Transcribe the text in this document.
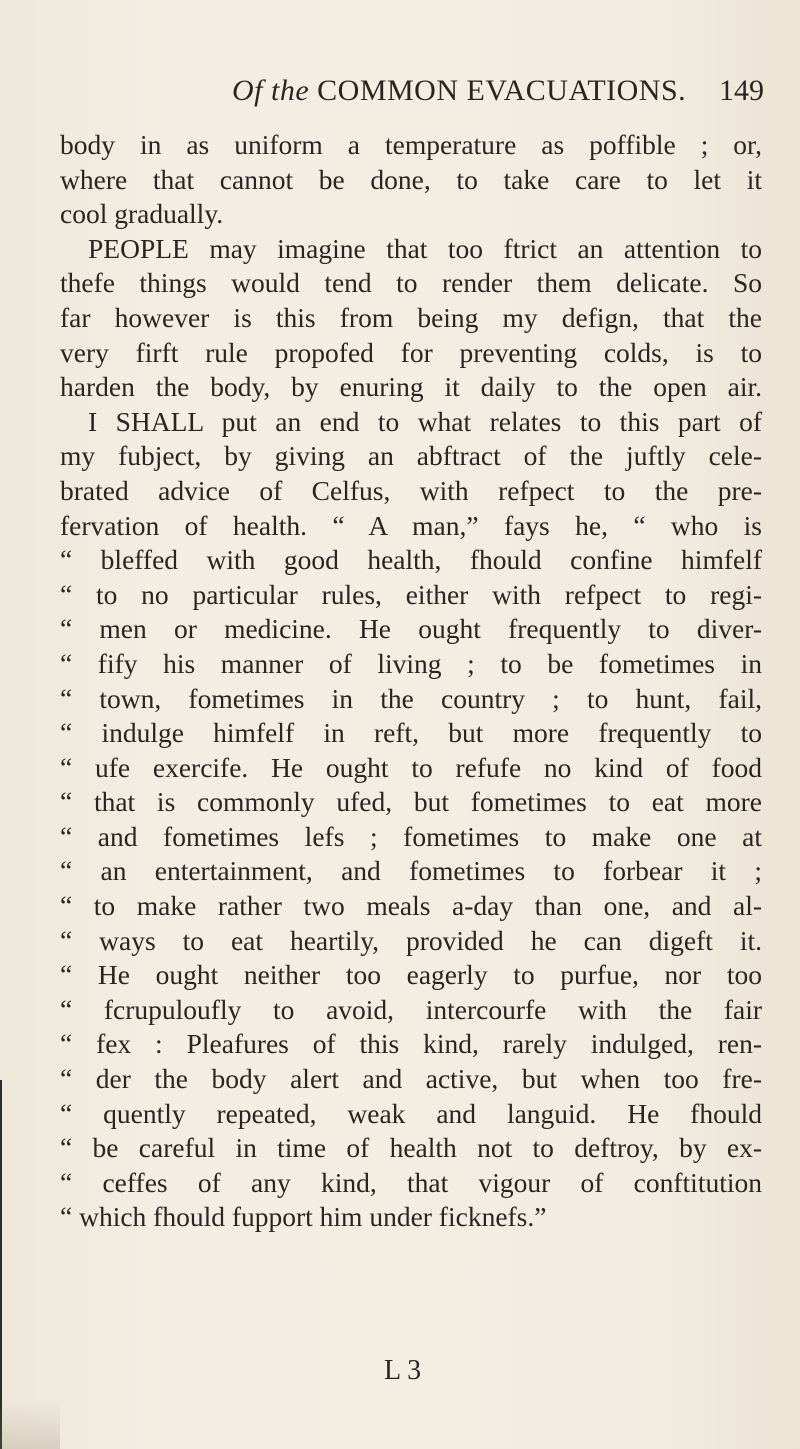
Of the COMMON EVACUATIONS. 149
body in as uniform a temperature as poffible ; or,
where that cannot be done, to take care to let it
cool gradually.
PEOPLE may imagine that too ftrict an attention to
thefe things would tend to render them delicate. So
far however is this from being my defign, that the
very firft rule propofed for preventing colds, is to
harden the body, by enuring it daily to the open air.
I SHALL put an end to what relates to this part of
my fubject, by giving an abftract of the juftly cele-
brated advice of Celfus, with refpect to the pre-
fervation of health. “ A man,” fays he, “ who is
“ bleffed with good health, fhould confine himfelf
“ to no particular rules, either with refpect to regi-
“ men or medicine. He ought frequently to diver-
“ fify his manner of living ; to be fometimes in
“ town, fometimes in the country ; to hunt, fail,
“ indulge himfelf in reft, but more frequently to
“ ufe exercife. He ought to refufe no kind of food
“ that is commonly ufed, but fometimes to eat more
“ and fometimes lefs ; fometimes to make one at
“ an entertainment, and fometimes to forbear it ;
“ to make rather two meals a-day than one, and al-
“ ways to eat heartily, provided he can digeft it.
“ He ought neither too eagerly to purfue, nor too
“ fcrupuloufly to avoid, intercourfe with the fair
“ fex : Pleafures of this kind, rarely indulged, ren-
“ der the body alert and active, but when too fre-
“ quently repeated, weak and languid. He fhould
“ be careful in time of health not to deftroy, by ex-
“ ceffes of any kind, that vigour of conftitution
“ which fhould fupport him under ficknefs.”
L 3
